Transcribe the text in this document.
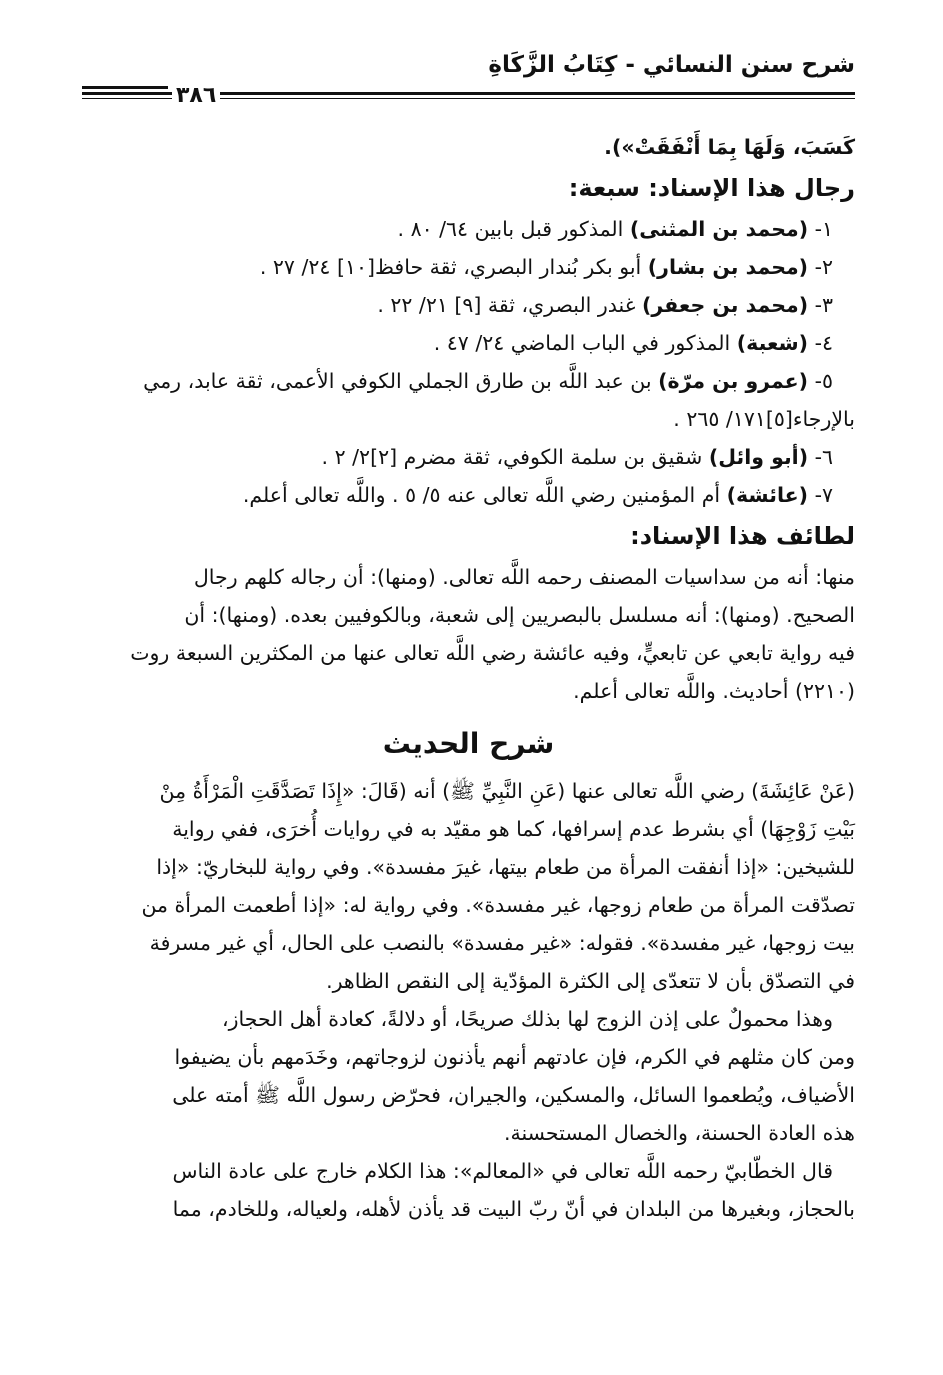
شرح سنن النسائي - كِتَابُ الزَّكَاةِ
٣٨٦

كَسَبَ، وَلَهَا بِمَا أَنْفَقَتْ»).

رجال هذا الإسناد: سبعة:

١- (محمد بن المثنى) المذكور قبل بابين ٦٤/ ٨٠ .

٢- (محمد بن بشار) أبو بكر بُندار البصري، ثقة حافظ[١٠] ٢٤/ ٢٧ .

٣- (محمد بن جعفر) غندر البصري، ثقة [٩] ٢١/ ٢٢ .

٤- (شعبة) المذكور في الباب الماضي ٢٤/ ٤٧ .

٥- (عمرو بن مرّة) بن عبد اللَّه بن طارق الجملي الكوفي الأعمى، ثقة عابد، رمي

بالإرجاء[٥]١٧١/ ٢٦٥ .

٦- (أبو وائل) شقيق بن سلمة الكوفي، ثقة مضرم [٢]٢/ ٢ .

٧- (عائشة) أم المؤمنين رضي اللَّه تعالى عنه ٥/ ٥ . واللَّه تعالى أعلم.

لطائف هذا الإسناد:

منها: أنه من سداسيات المصنف رحمه اللَّه تعالى. (ومنها): أن رجاله كلهم رجال

الصحيح. (ومنها): أنه مسلسل بالبصريين إلى شعبة، وبالكوفيين بعده. (ومنها): أن

فيه رواية تابعي عن تابعيٍّ، وفيه عائشة رضي اللَّه تعالى عنها من المكثرين السبعة روت

(٢٢١٠) أحاديث. واللَّه تعالى أعلم.

شرح الحديث

(عَنْ عَائِشَةَ) رضي اللَّه تعالى عنها (عَنِ النَّبِيِّ ﷺ) أنه (قَالَ: «إِذَا تَصَدَّقَتِ الْمَرْأَةُ مِنْ

بَيْتِ زَوْجِهَا) أي بشرط عدم إسرافها، كما هو مقيّد به في روايات أُخرَى، ففي رواية

للشيخين: «إذا أنفقت المرأة من طعام بيتها، غيرَ مفسدة». وفي رواية للبخاريّ: «إذا

تصدّقت المرأة من طعام زوجها، غير مفسدة». وفي رواية له: «إذا أطعمت المرأة من

بيت زوجها، غير مفسدة». فقوله: «غير مفسدة» بالنصب على الحال، أي غير مسرفة

في التصدّق بأن لا تتعدّى إلى الكثرة المؤدّية إلى النقص الظاهر.

وهذا محمولٌ على إذن الزوج لها بذلك صريحًا، أو دلالةً، كعادة أهل الحجاز،

ومن كان مثلهم في الكرم، فإن عادتهم أنهم يأذنون لزوجاتهم، وخَدَمهم بأن يضيفوا

الأضياف، ويُطعموا السائل، والمسكين، والجيران، فحرّض رسول اللَّه ﷺ أمته على

هذه العادة الحسنة، والخصال المستحسنة.

قال الخطّابيّ رحمه اللَّه تعالى في «المعالم»: هذا الكلام خارج على عادة الناس

بالحجاز، وبغيرها من البلدان في أنّ ربّ البيت قد يأذن لأهله، ولعياله، وللخادم، مما
